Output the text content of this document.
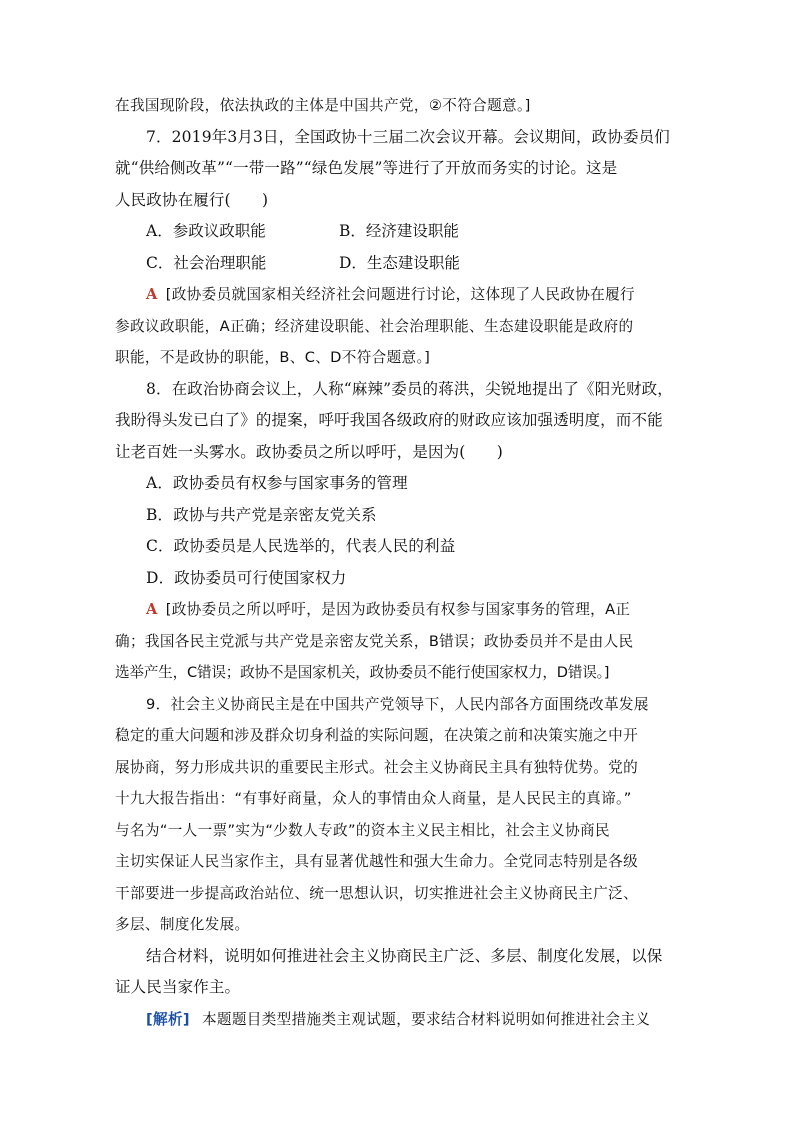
在我国现阶段，依法执政的主体是中国共产党，②不符合题意。]
7．2019年3月3日，全国政协十三届二次会议开幕。会议期间，政协委员们
就“供给侧改革”“一带一路”“绿色发展”等进行了开放而务实的讨论。这是
人民政协在履行(　　)
A．参政议政职能	B．经济建设职能
C．社会治理职能	D．生态建设职能
A [政协委员就国家相关经济社会问题进行讨论，这体现了人民政协在履行
参政议政职能，A正确；经济建设职能、社会治理职能、生态建设职能是政府的
职能，不是政协的职能，B、C、D不符合题意。]
8．在政治协商会议上，人称“麻辣”委员的蒋洪，尖锐地提出了《阳光财政，
我盼得头发已白了》的提案，呼吁我国各级政府的财政应该加强透明度，而不能
让老百姓一头雾水。政协委员之所以呼吁，是因为(　　)
A．政协委员有权参与国家事务的管理
B．政协与共产党是亲密友党关系
C．政协委员是人民选举的，代表人民的利益
D．政协委员可行使国家权力
A [政协委员之所以呼吁，是因为政协委员有权参与国家事务的管理，A正
确；我国各民主党派与共产党是亲密友党关系，B错误；政协委员并不是由人民
选举产生，C错误；政协不是国家机关，政协委员不能行使国家权力，D错误。]
9．社会主义协商民主是在中国共产党领导下，人民内部各方面围绕改革发展
稳定的重大问题和涉及群众切身利益的实际问题，在决策之前和决策实施之中开
展协商，努力形成共识的重要民主形式。社会主义协商民主具有独特优势。党的
十九大报告指出：“有事好商量，众人的事情由众人商量，是人民民主的真谛。”
与名为“一人一票”实为“少数人专政”的资本主义民主相比，社会主义协商民
主切实保证人民当家作主，具有显著优越性和强大生命力。全党同志特别是各级
干部要进一步提高政治站位、统一思想认识，切实推进社会主义协商民主广泛、
多层、制度化发展。
结合材料，说明如何推进社会主义协商民主广泛、多层、制度化发展，以保
证人民当家作主。
[解析] 本题题目类型措施类主观试题，要求结合材料说明如何推进社会主义
